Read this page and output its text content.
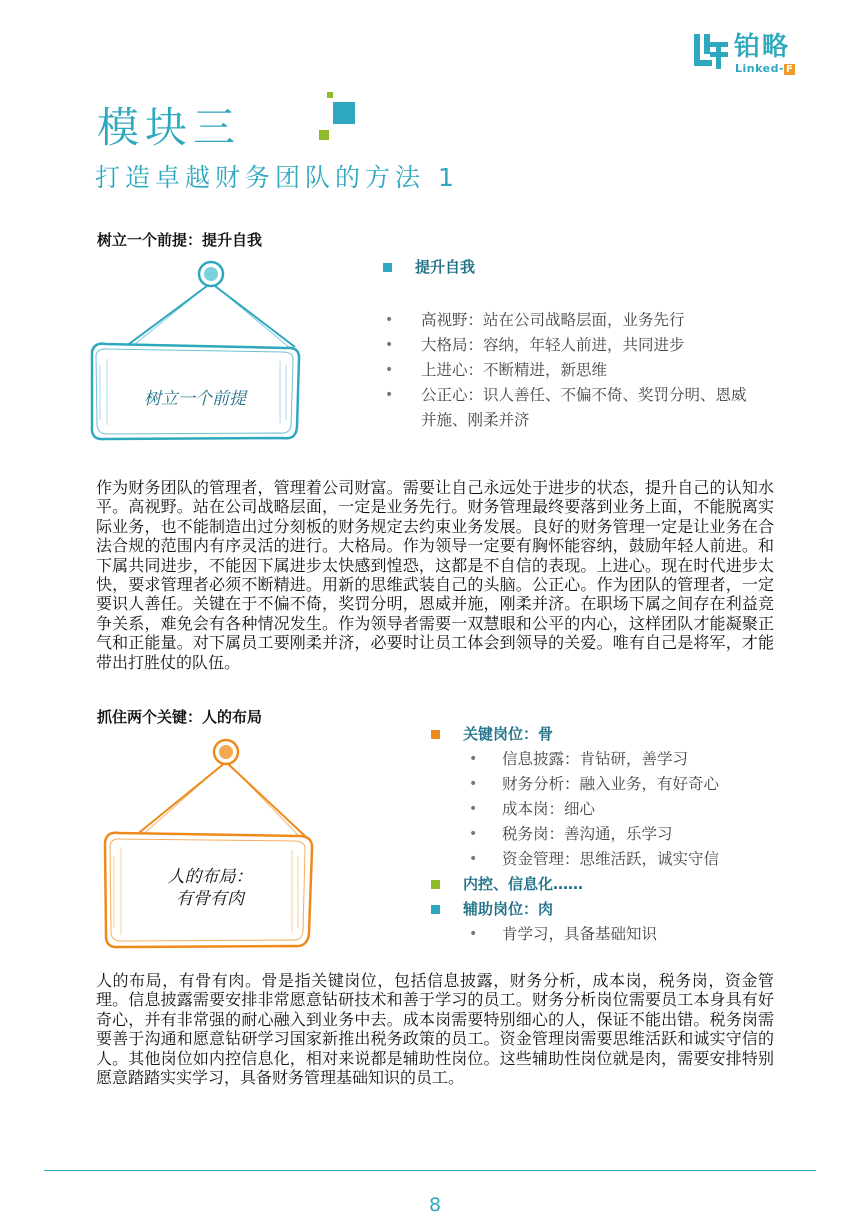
铂略
Linked- F
模块三
打造卓越财务团队的方法 1
树立一个前提：提升自我
树立一个前提
提升自我
• 高视野：站在公司战略层面，业务先行
• 大格局：容纳，年轻人前进，共同进步
• 上进心：不断精进，新思维
• 公正心：识人善任、不偏不倚、奖罚分明、恩威
并施、刚柔并济
作为财务团队的管理者，管理着公司财富。需要让自己永远处于进步的状态，提升自己的认知水平。高视野。站在公司战略层面，一定是业务先行。财务管理最终要落到业务上面，不能脱离实际业务，也不能制造出过分刻板的财务规定去约束业务发展。良好的财务管理一定是让业务在合法合规的范围内有序灵活的进行。大格局。作为领导一定要有胸怀能容纳，鼓励年轻人前进。和下属共同进步，不能因下属进步太快感到惶恐，这都是不自信的表现。上进心。现在时代进步太快，要求管理者必须不断精进。用新的思维武装自己的头脑。公正心。作为团队的管理者，一定要识人善任。关键在于不偏不倚，奖罚分明，恩威并施，刚柔并济。在职场下属之间存在利益竞争关系，难免会有各种情况发生。作为领导者需要一双慧眼和公平的内心，这样团队才能凝聚正气和正能量。对下属员工要刚柔并济，必要时让员工体会到领导的关爱。唯有自己是将军，才能带出打胜仗的队伍。
抓住两个关键：人的布局
人的布局：
有骨有肉
关键岗位：骨
• 信息披露：肯钻研，善学习
• 财务分析：融入业务，有好奇心
• 成本岗：细心
• 税务岗：善沟通，乐学习
• 资金管理：思维活跃，诚实守信
内控、信息化……
辅助岗位：肉
• 肯学习，具备基础知识
人的布局，有骨有肉。骨是指关键岗位，包括信息披露，财务分析，成本岗，税务岗，资金管理。信息披露需要安排非常愿意钻研技术和善于学习的员工。财务分析岗位需要员工本身具有好奇心，并有非常强的耐心融入到业务中去。成本岗需要特别细心的人，保证不能出错。税务岗需要善于沟通和愿意钻研学习国家新推出税务政策的员工。资金管理岗需要思维活跃和诚实守信的人。其他岗位如内控信息化，相对来说都是辅助性岗位。这些辅助性岗位就是肉，需要安排特别愿意踏踏实实学习，具备财务管理基础知识的员工。
8
